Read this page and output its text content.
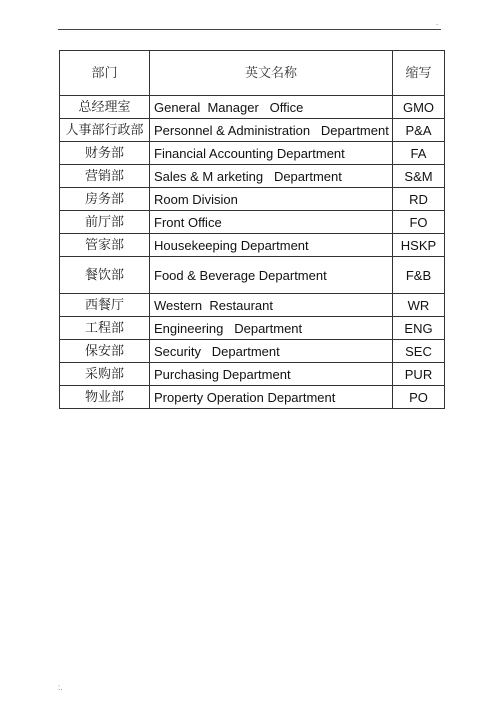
.
:.
部门	英文名称	缩写
总经理室	General  Manager   Office	GMO
人事部行政部	Personnel & Administration   Department	P&A
财务部	Financial Accounting Department	FA
营销部	Sales & M arketing   Department	S&M
房务部	Room Division	RD
前厅部	Front Office	FO
管家部	Housekeeping Department	HSKP
餐饮部	Food & Beverage Department	F&B
西餐厅	Western  Restaurant	WR
工程部	Engineering   Department	ENG
保安部	Security   Department	SEC
采购部	Purchasing Department	PUR
物业部	Property Operation Department	PO
